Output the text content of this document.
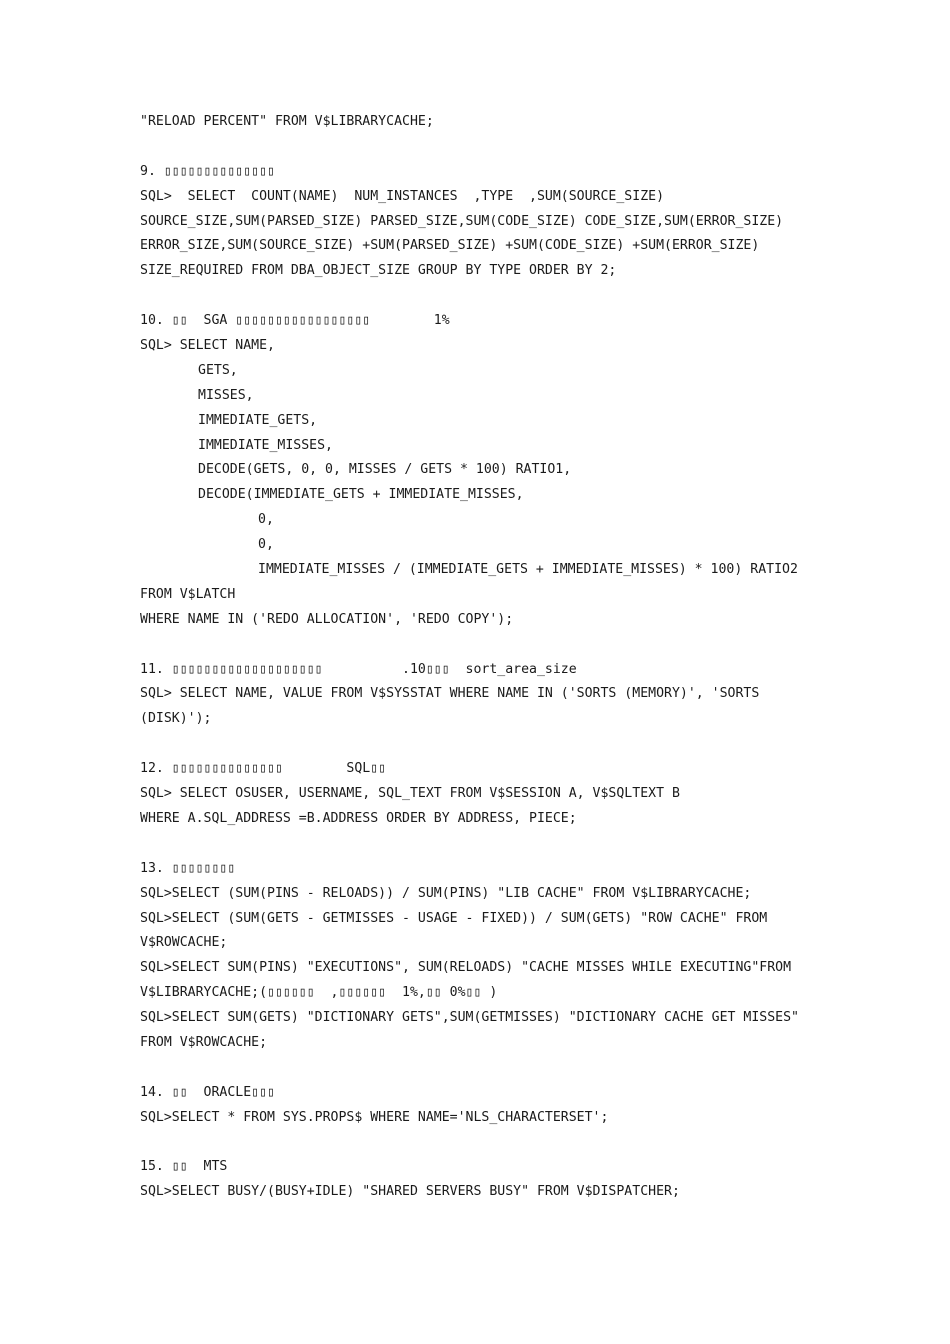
"RELOAD PERCENT" FROM V$LIBRARYCACHE;
9. ▯▯▯▯▯▯▯▯▯▯▯▯▯▯
SQL>  SELECT  COUNT(NAME)  NUM_INSTANCES  ,TYPE  ,SUM(SOURCE_SIZE)
SOURCE_SIZE,SUM(PARSED_SIZE) PARSED_SIZE,SUM(CODE_SIZE) CODE_SIZE,SUM(ERROR_SIZE)
ERROR_SIZE,SUM(SOURCE_SIZE) +SUM(PARSED_SIZE) +SUM(CODE_SIZE) +SUM(ERROR_SIZE)
SIZE_REQUIRED FROM DBA_OBJECT_SIZE GROUP BY TYPE ORDER BY 2;
10. ▯▯  SGA ▯▯▯▯▯▯▯▯▯▯▯▯▯▯▯▯▯        1%
SQL> SELECT NAME,
GETS,
MISSES,
IMMEDIATE_GETS,
IMMEDIATE_MISSES,
DECODE(GETS, 0, 0, MISSES / GETS * 100) RATIO1,
DECODE(IMMEDIATE_GETS + IMMEDIATE_MISSES,
0,
0,
IMMEDIATE_MISSES / (IMMEDIATE_GETS + IMMEDIATE_MISSES) * 100) RATIO2
FROM V$LATCH
WHERE NAME IN ('REDO ALLOCATION', 'REDO COPY');
11. ▯▯▯▯▯▯▯▯▯▯▯▯▯▯▯▯▯▯▯          .10▯▯▯  sort_area_size
SQL> SELECT NAME, VALUE FROM V$SYSSTAT WHERE NAME IN ('SORTS (MEMORY)', 'SORTS
(DISK)');
12. ▯▯▯▯▯▯▯▯▯▯▯▯▯▯        SQL▯▯
SQL> SELECT OSUSER, USERNAME, SQL_TEXT FROM V$SESSION A, V$SQLTEXT B
WHERE A.SQL_ADDRESS =B.ADDRESS ORDER BY ADDRESS, PIECE;
13. ▯▯▯▯▯▯▯▯
SQL>SELECT (SUM(PINS - RELOADS)) / SUM(PINS) "LIB CACHE" FROM V$LIBRARYCACHE;
SQL>SELECT (SUM(GETS - GETMISSES - USAGE - FIXED)) / SUM(GETS) "ROW CACHE" FROM
V$ROWCACHE;
SQL>SELECT SUM(PINS) "EXECUTIONS", SUM(RELOADS) "CACHE MISSES WHILE EXECUTING"FROM
V$LIBRARYCACHE;(▯▯▯▯▯▯  ,▯▯▯▯▯▯  1%,▯▯ 0%▯▯ )
SQL>SELECT SUM(GETS) "DICTIONARY GETS",SUM(GETMISSES) "DICTIONARY CACHE GET MISSES"
FROM V$ROWCACHE;
14. ▯▯  ORACLE▯▯▯
SQL>SELECT * FROM SYS.PROPS$ WHERE NAME='NLS_CHARACTERSET';
15. ▯▯  MTS
SQL>SELECT BUSY/(BUSY+IDLE) "SHARED SERVERS BUSY" FROM V$DISPATCHER;
